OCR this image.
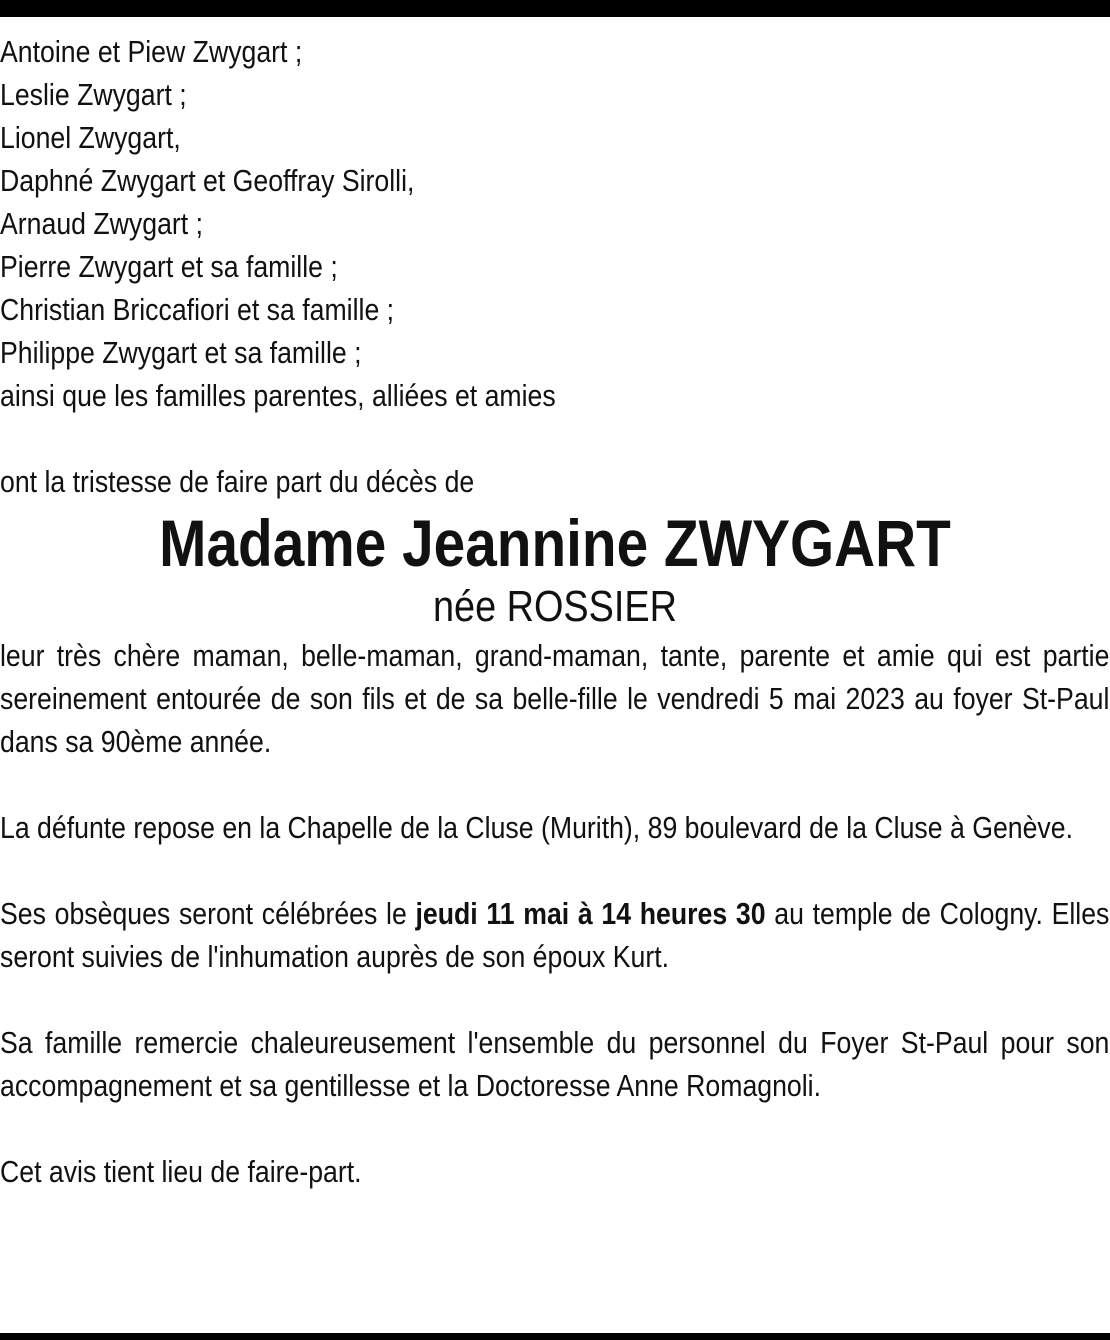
Antoine et Piew Zwygart ;
Leslie Zwygart ;
Lionel Zwygart,
Daphné Zwygart et Geoffray Sirolli,
Arnaud Zwygart ;
Pierre Zwygart et sa famille ;
Christian Briccafiori et sa famille ;
Philippe Zwygart et sa famille ;
ainsi que les familles parentes, alliées et amies
ont la tristesse de faire part du décès de
Madame Jeannine ZWYGART
née ROSSIER
leur très chère maman, belle-maman, grand-maman, tante, parente et amie qui est partie sereinement entourée de son fils et de sa belle-fille le vendredi 5 mai 2023 au foyer St-Paul dans sa 90ème année.
La défunte repose en la Chapelle de la Cluse (Murith), 89 boulevard de la Cluse à Genève.
Ses obsèques seront célébrées le jeudi 11 mai à 14 heures 30 au temple de Cologny. Elles seront suivies de l'inhumation auprès de son époux Kurt.
Sa famille remercie chaleureusement l'ensemble du personnel du Foyer St-Paul pour son accompagnement et sa gentillesse et la Doctoresse Anne Romagnoli.
Cet avis tient lieu de faire-part.
